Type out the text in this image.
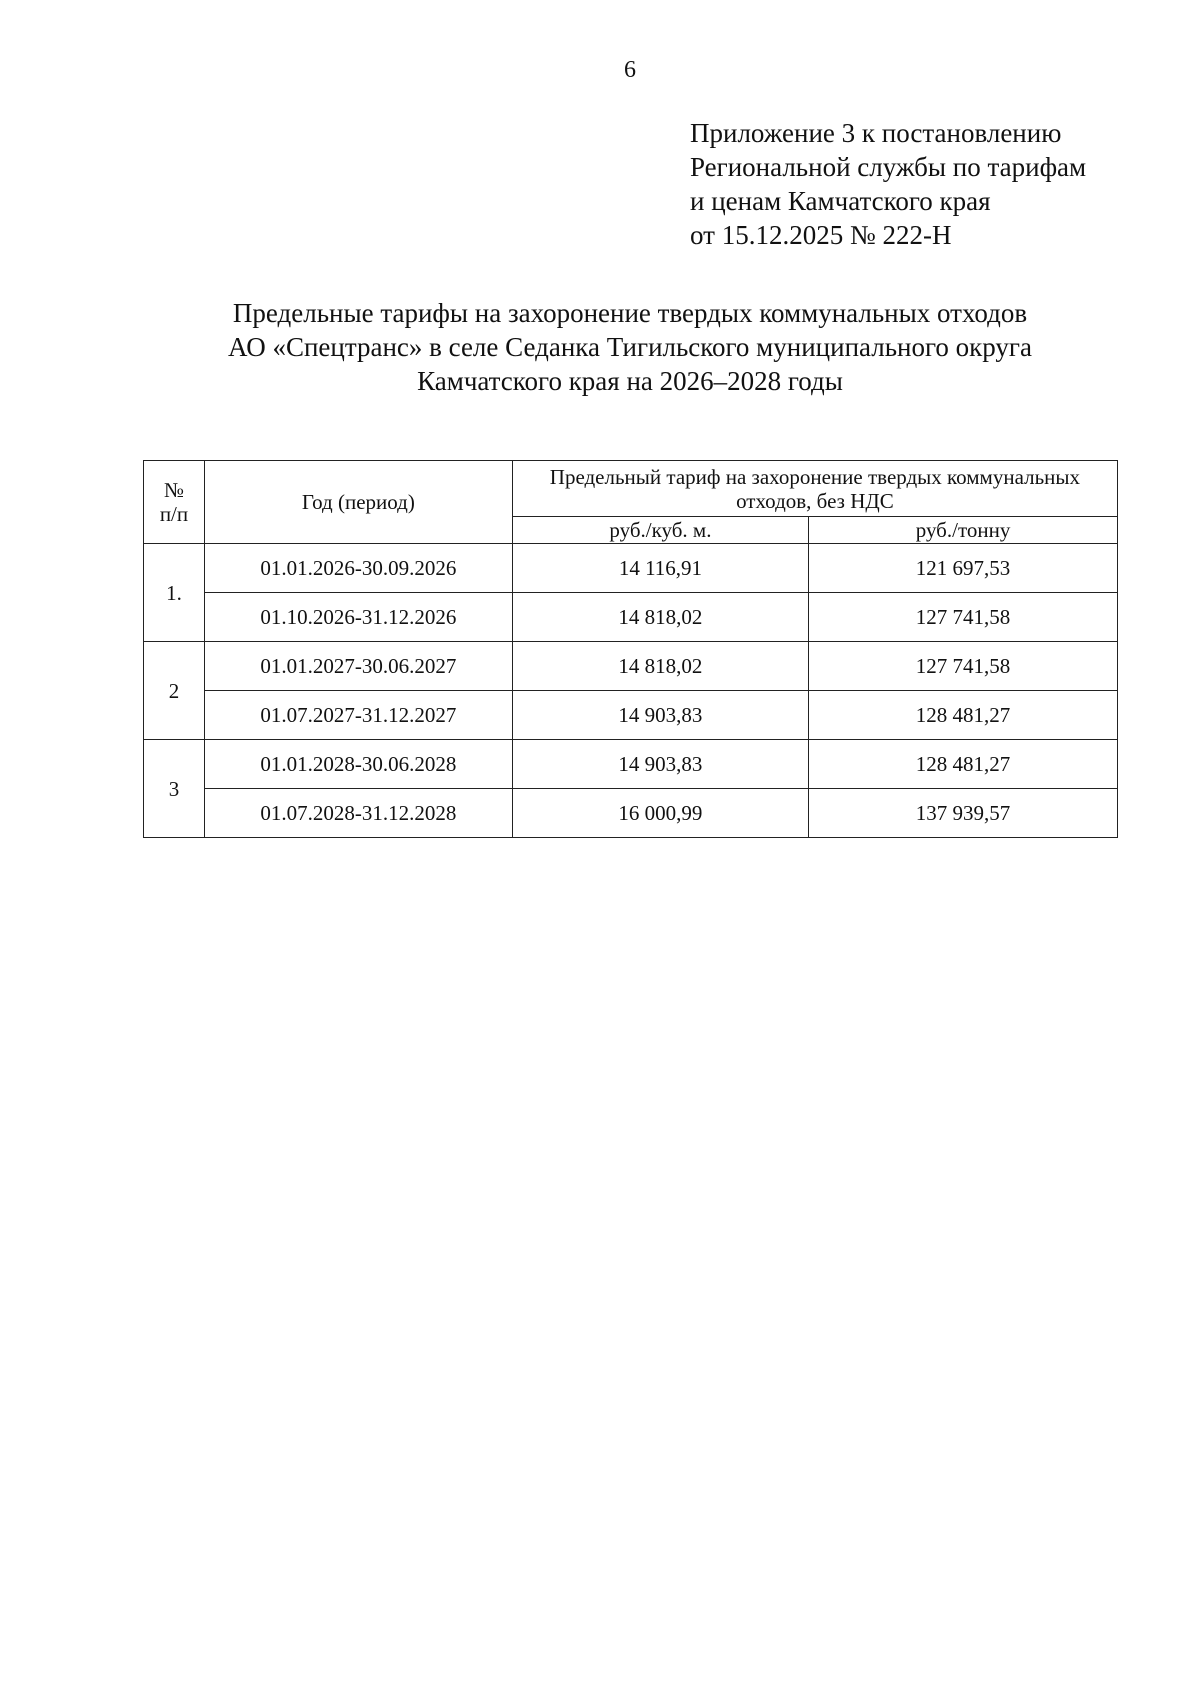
6
Приложение 3 к постановлению
Региональной службы по тарифам
и ценам Камчатского края
от 15.12.2025 № 222-Н
Предельные тарифы на захоронение твердых коммунальных отходов
АО «Спецтранс» в селе Седанка Тигильского муниципального округа
Камчатского края на 2026–2028 годы
№
п/п	Год (период)	Предельный тариф на захоронение твердых коммунальных отходов, без НДС	
		руб./куб. м.	руб./тонну
1.	01.01.2026-30.09.2026	14 116,91	121 697,53
	01.10.2026-31.12.2026	14 818,02	127 741,58
2	01.01.2027-30.06.2027	14 818,02	127 741,58
	01.07.2027-31.12.2027	14 903,83	128 481,27
3	01.01.2028-30.06.2028	14 903,83	128 481,27
	01.07.2028-31.12.2028	16 000,99	137 939,57
